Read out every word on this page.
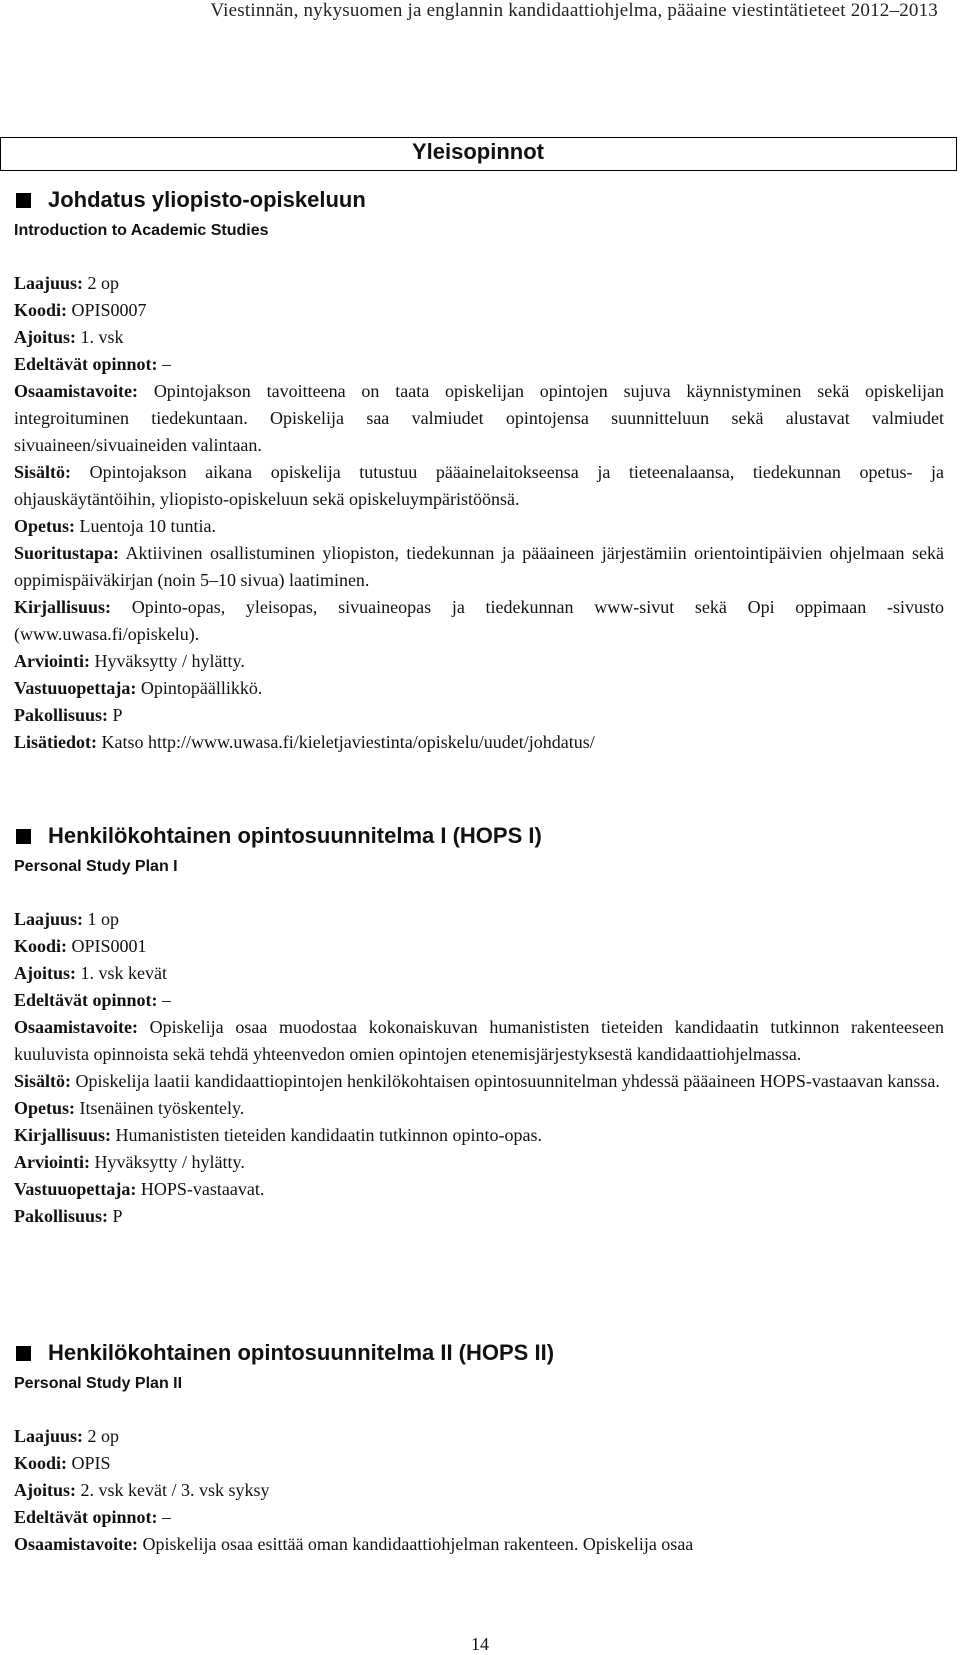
Viestinnän, nykysuomen ja englannin kandidaattiohjelma, pääaine viestintätieteet 2012–2013
Yleisopinnot
Johdatus yliopisto-opiskeluun
Introduction to Academic Studies
Laajuus: 2 op
Koodi: OPIS0007
Ajoitus: 1. vsk
Edeltävät opinnot: –
Osaamistavoite: Opintojakson tavoitteena on taata opiskelijan opintojen sujuva käynnistyminen sekä opiskelijan integroituminen tiedekuntaan. Opiskelija saa valmiudet opintojensa suunnitteluun sekä alustavat valmiudet sivuaineen/sivuaineiden valintaan.
Sisältö: Opintojakson aikana opiskelija tutustuu pääainelaitokseensa ja tieteenalaansa, tiedekunnan opetus- ja ohjauskäytäntöihin, yliopisto-opiskeluun sekä opiskeluympäristöönsä.
Opetus: Luentoja 10 tuntia.
Suoritustapa: Aktiivinen osallistuminen yliopiston, tiedekunnan ja pääaineen järjestämiin orientointipäivien ohjelmaan sekä oppimispäiväkirjan (noin 5–10 sivua) laatiminen.
Kirjallisuus: Opinto-opas, yleisopas, sivuaineopas ja tiedekunnan www-sivut sekä Opi oppimaan -sivusto (www.uwasa.fi/opiskelu).
Arviointi: Hyväksytty / hylätty.
Vastuuopettaja: Opintopäällikkö.
Pakollisuus: P
Lisätiedot: Katso http://www.uwasa.fi/kieletjaviestinta/opiskelu/uudet/johdatus/
Henkilökohtainen opintosuunnitelma I (HOPS I)
Personal Study Plan I
Laajuus: 1 op
Koodi: OPIS0001
Ajoitus: 1. vsk kevät
Edeltävät opinnot: –
Osaamistavoite: Opiskelija osaa muodostaa kokonaiskuvan humanististen tieteiden kandidaatin tutkinnon rakenteeseen kuuluvista opinnoista sekä tehdä yhteenvedon omien opintojen etenemisjärjestyksestä kandidaattiohjelmassa.
Sisältö: Opiskelija laatii kandidaattiopintojen henkilökohtaisen opintosuunnitelman yhdessä pääaineen HOPS-vastaavan kanssa.
Opetus: Itsenäinen työskentely.
Kirjallisuus: Humanististen tieteiden kandidaatin tutkinnon opinto-opas.
Arviointi: Hyväksytty / hylätty.
Vastuuopettaja: HOPS-vastaavat.
Pakollisuus: P
Henkilökohtainen opintosuunnitelma II (HOPS II)
Personal Study Plan II
Laajuus: 2 op
Koodi: OPIS
Ajoitus: 2. vsk kevät / 3. vsk syksy
Edeltävät opinnot: –
Osaamistavoite: Opiskelija osaa esittää oman kandidaattiohjelman rakenteen. Opiskelija osaa
14
